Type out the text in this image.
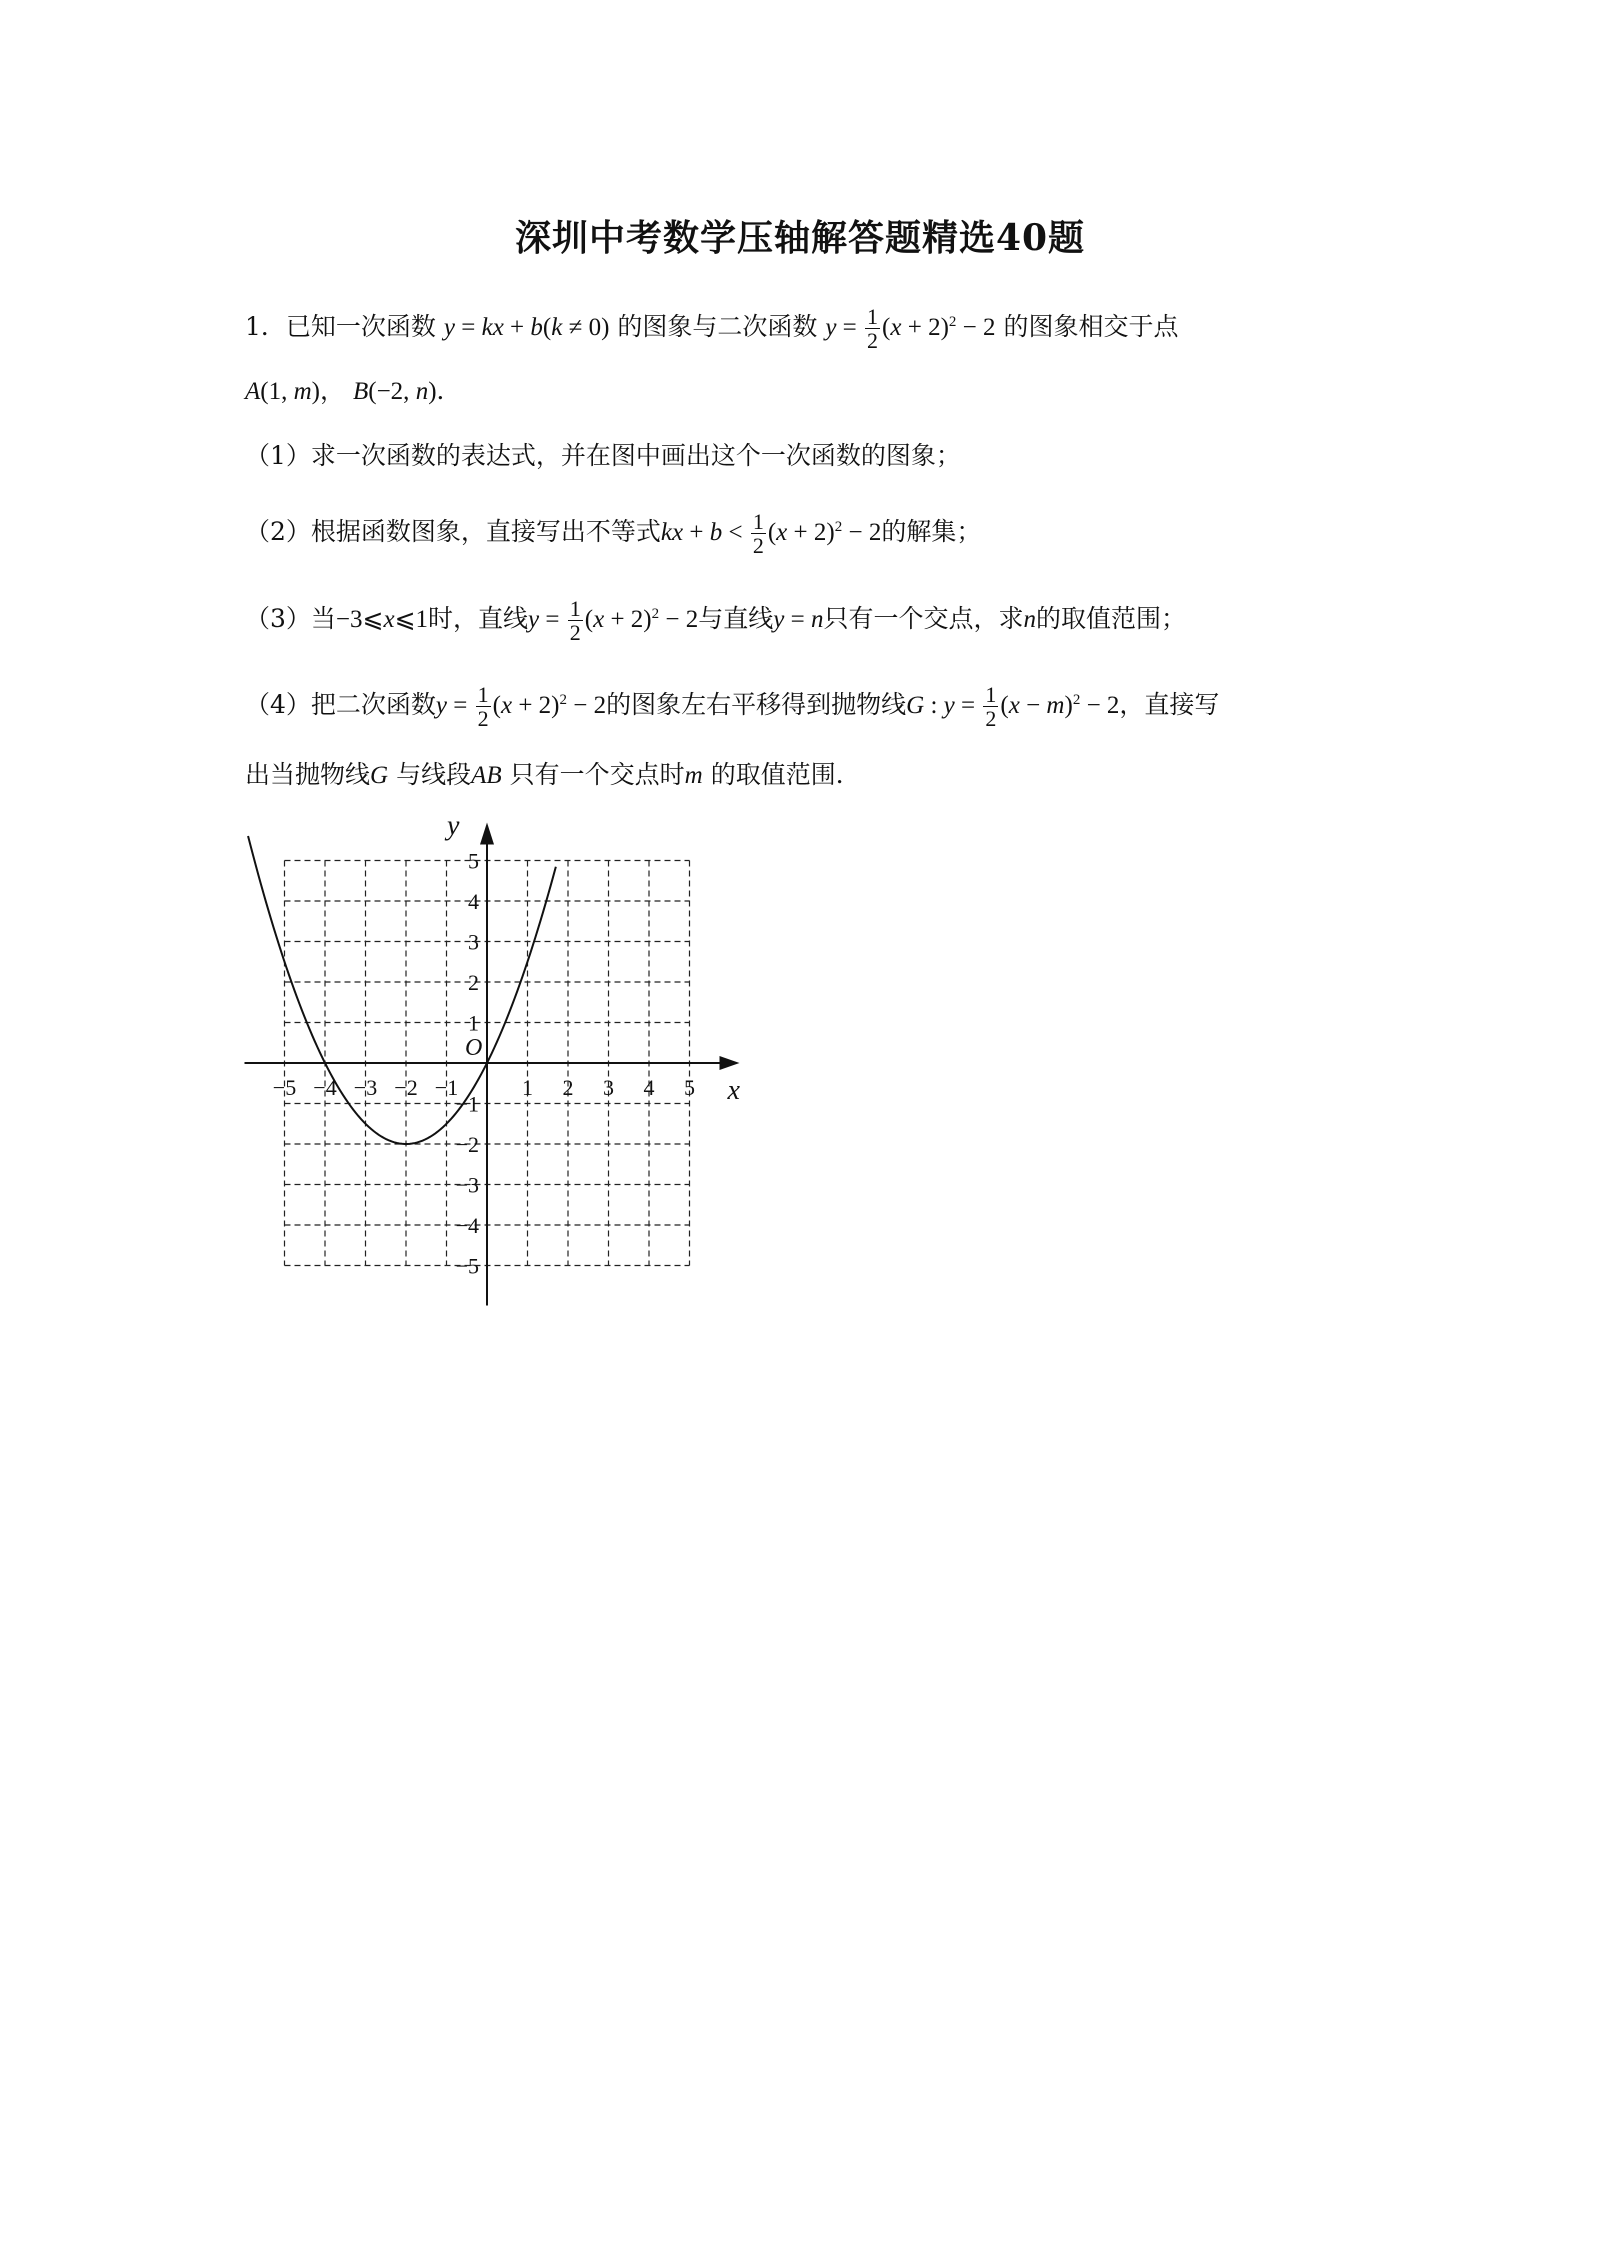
深圳中考数学压轴解答题精选40题
1．已知一次函数 y = kx + b(k ≠ 0) 的图象与二次函数 $y = \frac{1}{2} (x + 2)^2 - 2$ 的图象相交于点
A(1, m)， B(−2, n)．
（1）求一次函数的表达式，并在图中画出这个一次函数的图象；
（2）根据函数图象，直接写出不等式kx + $b < \frac{1}{2} (x + 2)^2 - 2$的解集；
（3）当−3⩽x⩽1时，直线$y = \frac{1}{2} (x + 2)^2 - 2$与直线y = n只有一个交点，求n的取值范围；
（4）把二次函数$y = \frac{1}{2} (x + 2)^2 - 2$的图象左右平移得到抛物线G : $y = \frac{1}{2} (x - m)^2 - 2$，直接写
出当抛物线G 与线段AB 只有一个交点时m 的取值范围．
−5 −4 −3 −2 −1	1 2 3 4 5
5
4
3
2
1
−1
−2
−3
−4
−5
x
y
O
